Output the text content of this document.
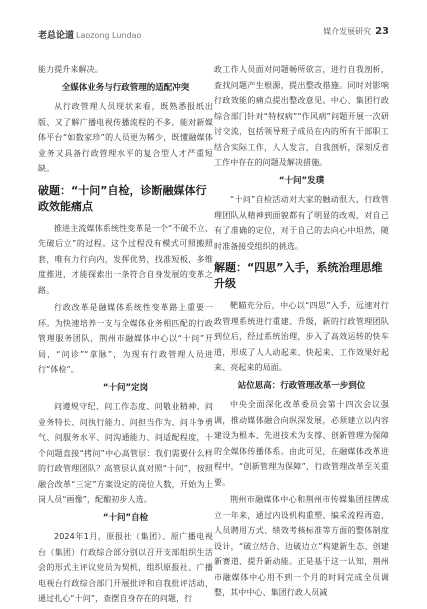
老总论道 Laozong Lundao	媒介发展研究 23

能力提升来解决。

全媒体业务与行政管理的适配冲突

从行政管理人员现状来看，既熟悉报纸出版、又了解广播电视传播流程的不多，能对新媒体平台“如数家珍”的人员更为稀少，既懂融媒体业务又具备行政管理水平的复合型人才严重短缺。

破题：“十问”自检，诊断融媒体行政效能痛点

推进主流媒体系统性变革是一个“不破不立、先破后立”的过程。这个过程没有模式可照搬照套，唯有力行向内，发挥优势，找准短板，多维度推进，才能探索出一条符合自身发展的变革之路。

行政改革是融媒体系统性变革路上重要一环。为快速培养一支与全媒体业务相匹配的行政管理服务团队，荆州市融媒体中心以“十问”开局，“问诊”“拿脉”，为现有行政管理人员进行“体检”。

“十问”定岗

问遵规守纪、问工作态度、问敬业精神、问业务特长、问执行能力、问担当作为、问斗争勇气、问服务水平、问沟通能力、问适配程度，十个问题直接“拷问”中心高管层：我们需要什么样的行政管理团队？高管层认真对照“十问”，按照融合改革“三定”方案设定的岗位人数，开始为上岗人员“画像”，配酿初步人选。

“十问”自检

2024年1月，原报社（集团）、原广播电视台（集团）行政综合部分别以召开支部组织生活会的形式主评议党员为契机，组织原报社、广播电视台行政综合部门开展批评和自我批评活动，通过扎心“十问”，查摆自身存在的问题，行

政工作人员面对问题畅所欲言，进行自我剖析，查找问题产生根源，提出整改措施。同时对影响行政效能的痛点提出整改意见。中心、集团行政综合部门针对“特权病”“作风病”问题开展一次研讨交流，包括领导班子成员在内的所有干部职工结合实际工作，人人发言，自我剖析，深刻反省工作中存在的问题及解决措施。

“十问”发璞

“十问”自检活动对大家的触动很大，行政管理团队从精神到面貌都有了明显的改观，对自己有了准确的定位，对于自己的去向心中坦然，随时准备接受组织的挑选。

解题：“四思”入手，系统治理思维升级

靶瞄充分后，中心以“四思”入手，远速对行政管理系统进行重建、升级，新的行政管理团队到位后，经过系统治理，步入了高效运转的快车道，形成了人人动起来、快起来、工作效果好起来、亮起来的局面。

站位思高：行政管理改革一步到位

中央全面深化改革委员会第十四次会议强调，推动媒体融合向纵深发展，必须建立以内容建设为根本、先进技术为支撑、创新管理为保障的全媒体传播体系。由此可见，在融媒体改革进程中，“创新管理为保障”，行政管理改革至关重要。

荆州市融媒体中心和荆州市传媒集团挂牌成立一年来，通过内设机构重塑、编采流程再造、人员聘用方式、绩效考核标准等方面的整体制度设计，“破立结合、边破边立”构建新生态、创建新赛道、提升新动能。正是基于这一认知，荆州市融媒体中心用不到一个月的时间完成全员调整，其中中心、集团行政人员减
